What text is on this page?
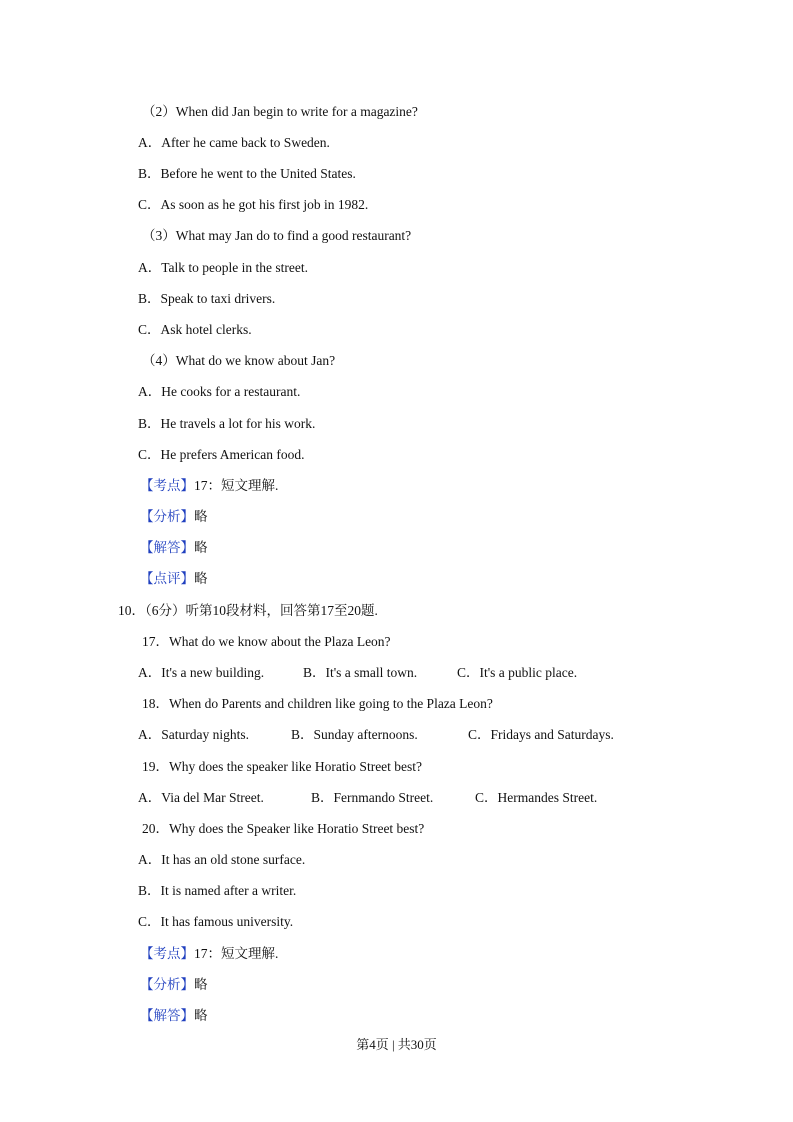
（2）When did Jan begin to write for a magazine?
A．After he came back to Sweden.
B．Before he went to the United States.
C．As soon as he got his first job in 1982.
（3）What may Jan do to find a good restaurant?
A．Talk to people in the street.
B．Speak to taxi drivers.
C．Ask hotel clerks.
（4）What do we know about Jan?
A．He cooks for a restaurant.
B．He travels a lot for his work.
C．He prefers American food.
【考点】17：短文理解.
【分析】略
【解答】略
【点评】略
10．（6分）听第10段材料，回答第17至20题.
17．What do we know about the Plaza Leon?
A．It's a new building.	B．It's a small town.	C．It's a public place.
18．When do Parents and children like going to the Plaza Leon?
A．Saturday nights.	B．Sunday afternoons.	C．Fridays and Saturdays.
19．Why does the speaker like Horatio Street best?
A．Via del Mar Street.	B．Fernmando Street.	C．Hermandes Street.
20．Why does the Speaker like Horatio Street best?
A．It has an old stone surface.
B．It is named after a writer.
C．It has famous university.
【考点】17：短文理解.
【分析】略
【解答】略
第4页 | 共30页
